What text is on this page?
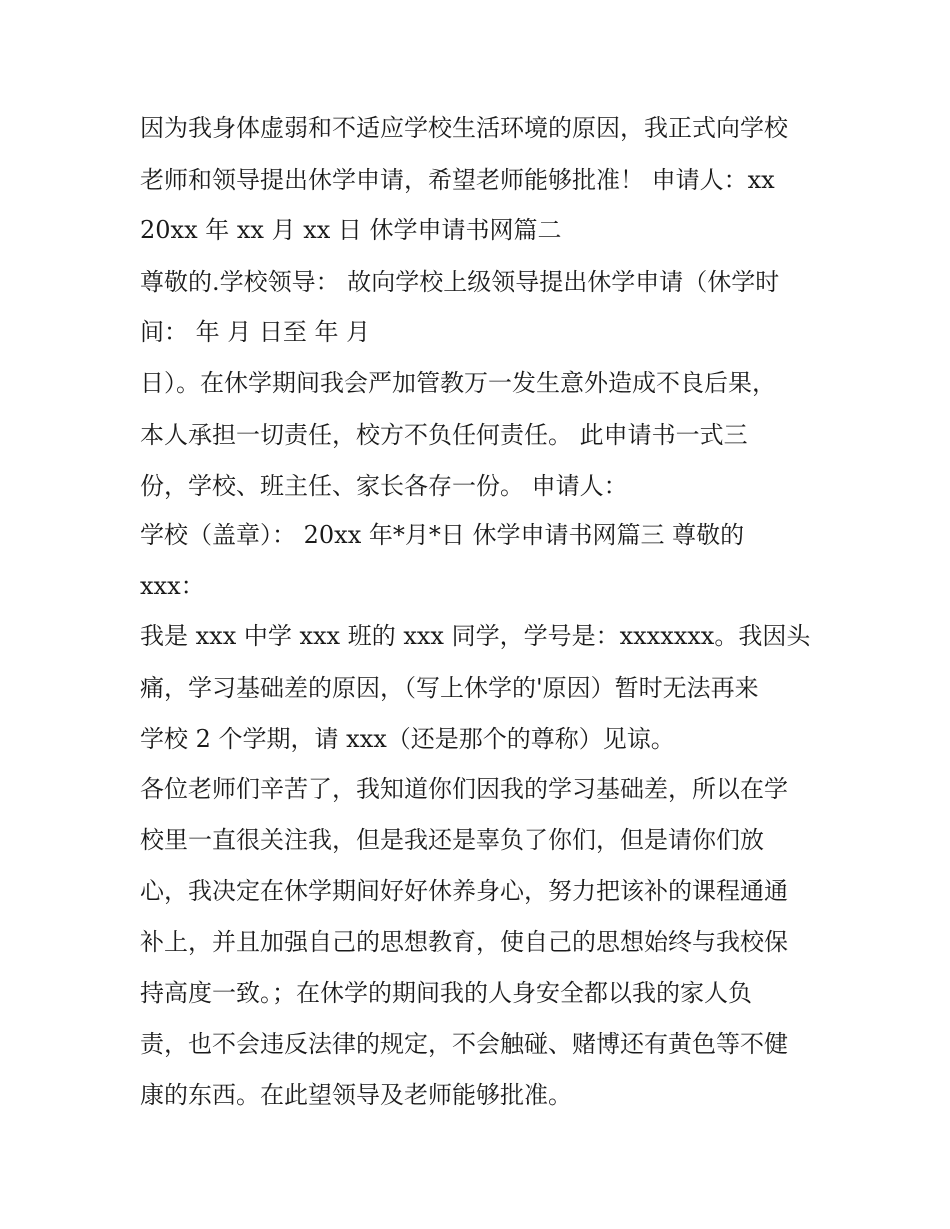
因为我身体虚弱和不适应学校生活环境的原因，我正式向学校

老师和领导提出休学申请，希望老师能够批准！ 申请人：xx

20xx 年 xx 月 xx 日 休学申请书网篇二

尊敬的.学校领导： 故向学校上级领导提出休学申请（休学时

间： 年 月 日至 年 月

日）。在休学期间我会严加管教万一发生意外造成不良后果，

本人承担一切责任，校方不负任何责任。 此申请书一式三

份，学校、班主任、家长各存一份。 申请人：

学校（盖章）： 20xx 年*月*日 休学申请书网篇三 尊敬的

xxx：

我是 xxx 中学 xxx 班的 xxx 同学，学号是：xxxxxxx。我因头

痛，学习基础差的原因，（写上休学的'原因）暂时无法再来

学校 2 个学期，请 xxx（还是那个的尊称）见谅。

各位老师们辛苦了，我知道你们因我的学习基础差，所以在学

校里一直很关注我，但是我还是辜负了你们，但是请你们放

心，我决定在休学期间好好休养身心，努力把该补的课程通通

补上，并且加强自己的思想教育，使自己的思想始终与我校保

持高度一致。；在休学的期间我的人身安全都以我的家人负

责，也不会违反法律的规定，不会触碰、赌博还有黄色等不健

康的东西。在此望领导及老师能够批准。
